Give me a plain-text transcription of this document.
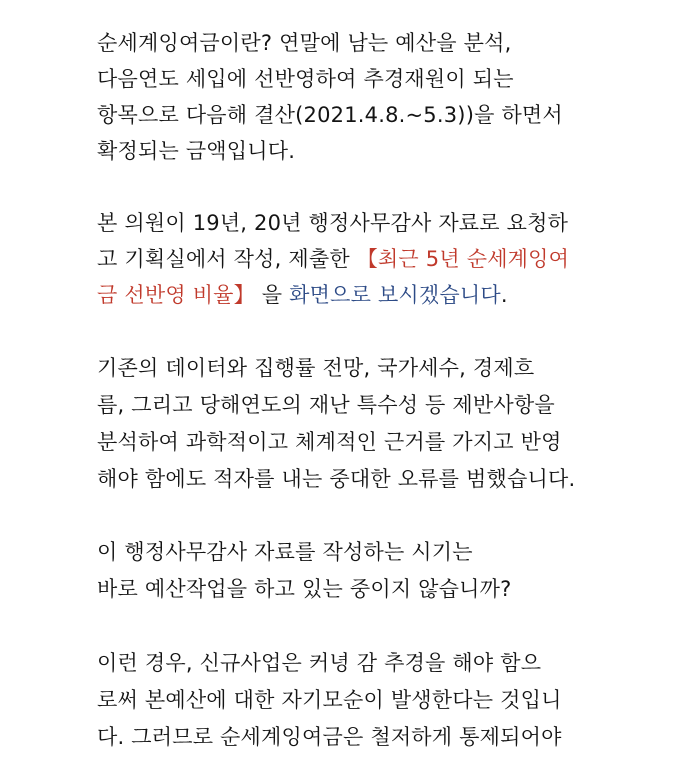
순세계잉여금이란? 연말에 남는 예산을 분석,
다음연도 세입에 선반영하여 추경재원이 되는
항목으로 다음해 결산(2021.4.8.~5.3))을 하면서
확정되는 금액입니다.
본 의원이 19년, 20년 행정사무감사 자료로 요청하
고 기획실에서 작성, 제출한 【최근 5년 순세계잉여
금 선반영 비율】 을 화면으로 보시겠습니다.
기존의 데이터와 집행률 전망, 국가세수, 경제흐
름, 그리고 당해연도의 재난 특수성 등 제반사항을
분석하여 과학적이고 체계적인 근거를 가지고 반영
해야 함에도 적자를 내는 중대한 오류를 범했습니다.
이 행정사무감사 자료를 작성하는 시기는
바로 예산작업을 하고 있는 중이지 않습니까?
이런 경우, 신규사업은 커녕 감 추경을 해야 함으
로써 본예산에 대한 자기모순이 발생한다는 것입니
다. 그러므로 순세계잉여금은 철저하게 통제되어야
